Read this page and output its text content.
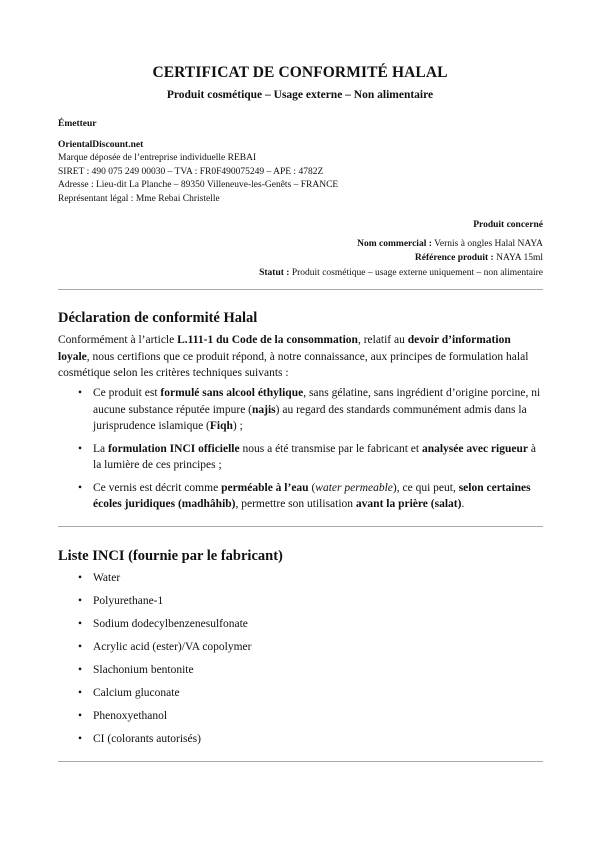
CERTIFICAT DE CONFORMITÉ HALAL
Produit cosmétique – Usage externe – Non alimentaire
Émetteur
OrientalDiscount.net
Marque déposée de l’entreprise individuelle REBAI
SIRET : 490 075 249 00030 – TVA : FR0F490075249 – APE : 4782Z
Adresse : Lieu-dit La Planche – 89350 Villeneuve-les-Genêts – FRANCE
Représentant légal : Mme Rebai Christelle
Produit concerné
Nom commercial : Vernis à ongles Halal NAYA
Référence produit : NAYA 15ml
Statut : Produit cosmétique – usage externe uniquement – non alimentaire
Déclaration de conformité Halal
Conformément à l’article L.111-1 du Code de la consommation, relatif au devoir d’information loyale, nous certifions que ce produit répond, à notre connaissance, aux principes de formulation halal cosmétique selon les critères techniques suivants :
• Ce produit est formulé sans alcool éthylique, sans gélatine, sans ingrédient d’origine porcine, ni aucune substance réputée impure (najis) au regard des standards communément admis dans la jurisprudence islamique (Fiqh) ;
• La formulation INCI officielle nous a été transmise par le fabricant et analysée avec rigueur à la lumière de ces principes ;
• Ce vernis est décrit comme perméable à l’eau (water permeable), ce qui peut, selon certaines écoles juridiques (madhâhib), permettre son utilisation avant la prière (salat).
Liste INCI (fournie par le fabricant)
• Water
• Polyurethane-1
• Sodium dodecylbenzenesulfonate
• Acrylic acid (ester)/VA copolymer
• Slachonium bentonite
• Calcium gluconate
• Phenoxyethanol
• CI (colorants autorisés)
